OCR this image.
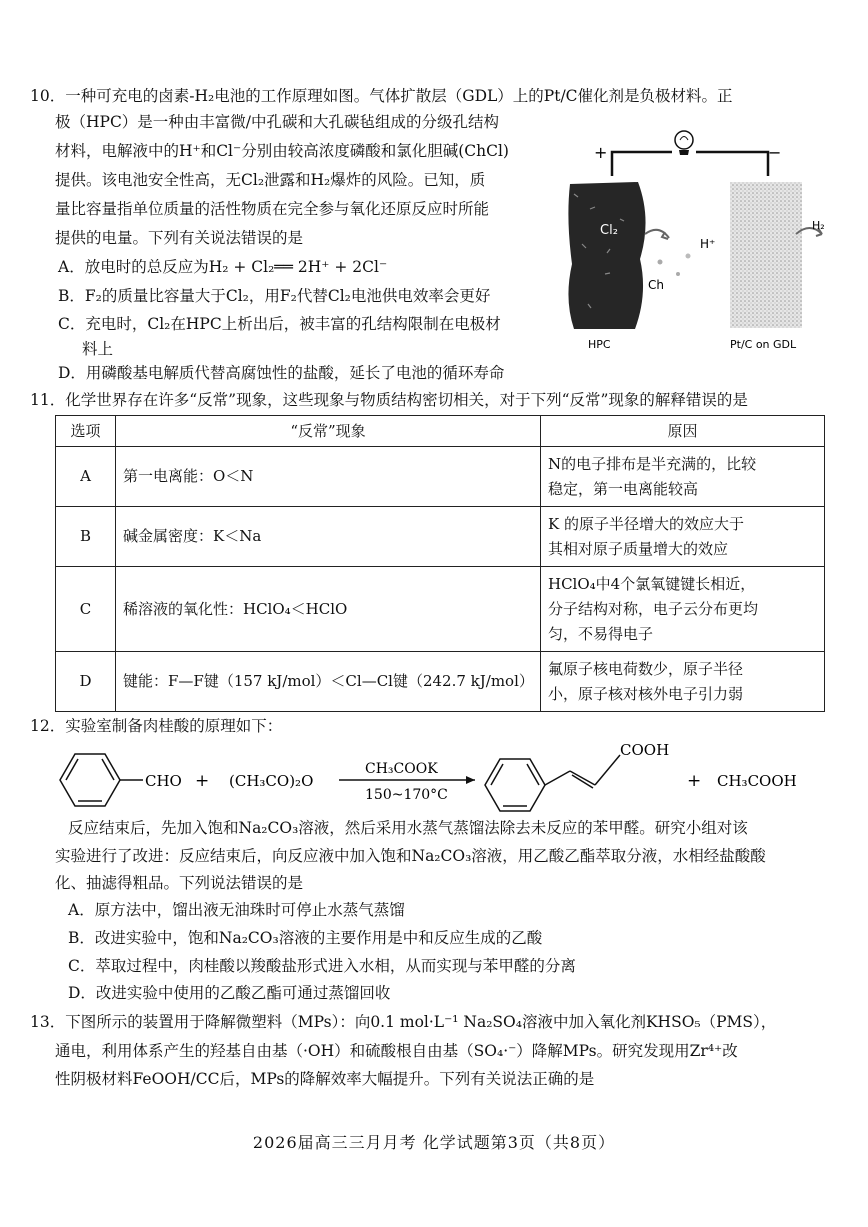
10．一种可充电的卤素-H₂电池的工作原理如图。气体扩散层（GDL）上的Pt/C催化剂是负极材料。正
极（HPC）是一种由丰富微/中孔碳和大孔碳毡组成的分级孔结构
材料，电解液中的H⁺和Cl⁻分别由较高浓度磷酸和氯化胆碱(ChCl)
提供。该电池安全性高，无Cl₂泄露和H₂爆炸的风险。已知，质
量比容量指单位质量的活性物质在完全参与氧化还原反应时所能
提供的电量。下列有关说法错误的是
A．放电时的总反应为H₂ + Cl₂══ 2H⁺ + 2Cl⁻
B．F₂的质量比容量大于Cl₂，用F₂代替Cl₂电池供电效率会更好
C．充电时，Cl₂在HPC上析出后，被丰富的孔结构限制在电极材
料上
D．用磷酸基电解质代替高腐蚀性的盐酸，延长了电池的循环寿命
+	−
Cl₂
H⁺
Ch
H₂
HPC	Pt/C on GDL
11．化学世界存在许多“反常”现象，这些现象与物质结构密切相关，对于下列“反常”现象的解释错误的是
选项	“反常”现象	原因
A	第一电离能：O＜N	N的电子排布是半充满的，比较
稳定，第一电离能较高

B	碱金属密度：K＜Na	K 的原子半径增大的效应大于
其相对原子质量增大的效应

C	稀溶液的氧化性：HClO₄＜HClO	HClO₄中4个氯氧键键长相近，
分子结构对称，电子云分布更均
匀，不易得电子

D	键能：F—F键（157 kJ/mol）＜Cl—Cl键（242.7 kJ/mol）	氟原子核电荷数少，原子半径
小，原子核对核外电子引力弱
12．实验室制备肉桂酸的原理如下：
CHO + (CH₃CO)₂O
CH₃COOK
150~170°C
COOH
+ CH₃COOH
反应结束后，先加入饱和Na₂CO₃溶液，然后采用水蒸气蒸馏法除去未反应的苯甲醛。研究小组对该
实验进行了改进：反应结束后，向反应液中加入饱和Na₂CO₃溶液，用乙酸乙酯萃取分液，水相经盐酸酸
化、抽滤得粗品。下列说法错误的是
A．原方法中，馏出液无油珠时可停止水蒸气蒸馏
B．改进实验中，饱和Na₂CO₃溶液的主要作用是中和反应生成的乙酸
C．萃取过程中，肉桂酸以羧酸盐形式进入水相，从而实现与苯甲醛的分离
D．改进实验中使用的乙酸乙酯可通过蒸馏回收
13．下图所示的装置用于降解微塑料（MPs）：向0.1 mol·L⁻¹ Na₂SO₄溶液中加入氧化剂KHSO₅（PMS），
通电，利用体系产生的羟基自由基（·OH）和硫酸根自由基（SO₄·⁻）降解MPs。研究发现用Zr⁴⁺改
性阴极材料FeOOH/CC后，MPs的降解效率大幅提升。下列有关说法正确的是
2026届高三三月月考 化学试题第3页（共8页）
